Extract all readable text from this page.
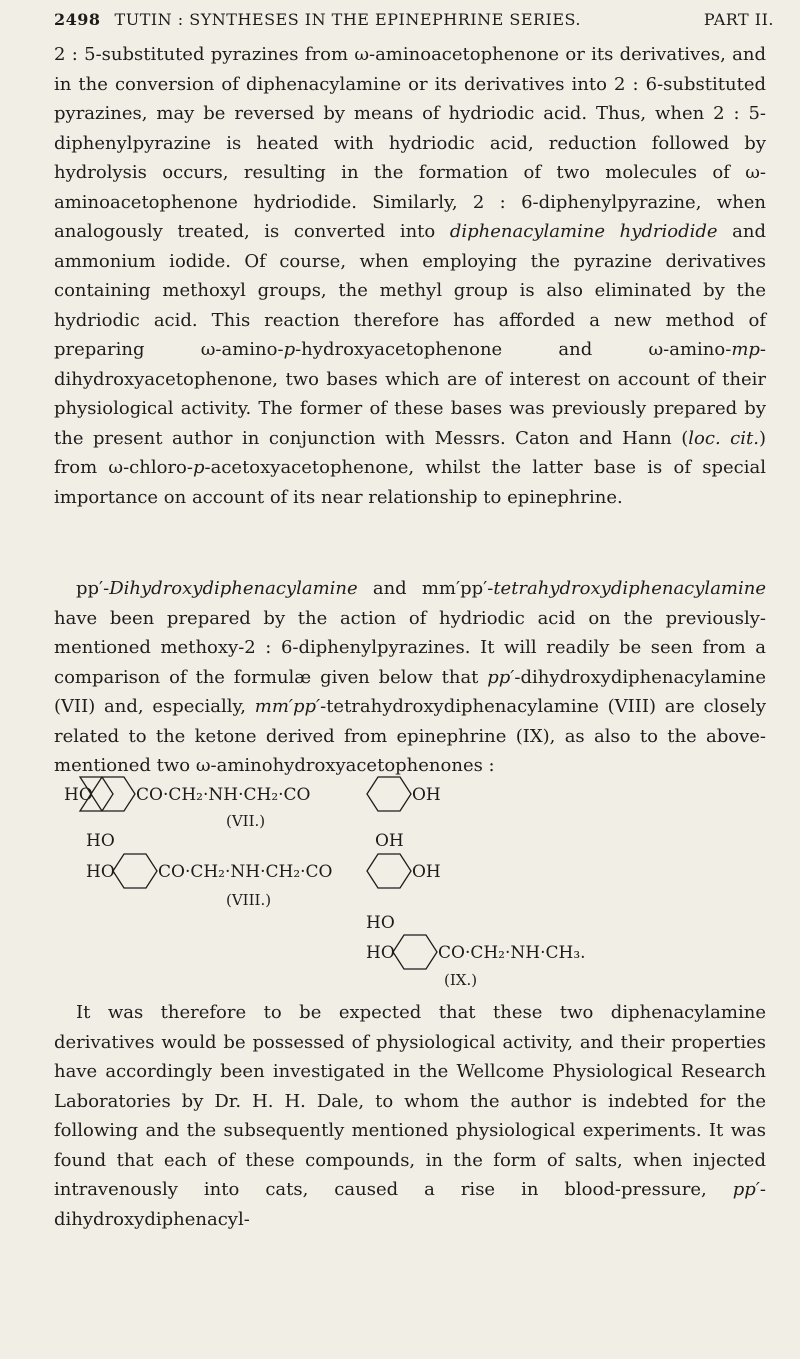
2498 TUTIN : SYNTHESES IN THE EPINEPHRINE SERIES.	PART II.

2 : 5-substituted pyrazines from ω-aminoacetophenone or its derivatives, and in the conversion of diphenacylamine or its derivatives into 2 : 6-substituted pyrazines, may be reversed by means of hydriodic acid. Thus, when 2 : 5-diphenylpyrazine is heated with hydriodic acid, reduction followed by hydrolysis occurs, resulting in the formation of two molecules of ω-aminoacetophenone hydriodide. Similarly, 2 : 6-diphenylpyrazine, when analogously treated, is converted into diphenacylamine hydriodide and ammonium iodide. Of course, when employing the pyrazine derivatives containing methoxyl groups, the methyl group is also eliminated by the hydriodic acid. This reaction therefore has afforded a new method of preparing ω-amino-p-hydroxyacetophenone and ω-amino-mp-dihydroxyacetophenone, two bases which are of interest on account of their physiological activity. The former of these bases was previously prepared by the present author in conjunction with Messrs. Caton and Hann (loc. cit.) from ω-chloro-p-acetoxyacetophenone, whilst the latter base is of special importance on account of its near relationship to epinephrine.

pp′-Dihydroxydiphenacylamine and mm′pp′-tetrahydroxydiphenacylamine have been prepared by the action of hydriodic acid on the previously-mentioned methoxy-2 : 6-diphenylpyrazines. It will readily be seen from a comparison of the formulæ given below that pp′-dihydroxydiphenacylamine (VII) and, especially, mm′pp′-tetrahydroxydiphenacylamine (VIII) are closely related to the ketone derived from epinephrine (IX), as also to the above-mentioned two ω-aminohydroxyacetophenones :

HO	CO·CH₂·NH·CH₂·CO	OH
(VII.)
HO	OH
HO	CO·CH₂·NH·CH₂·CO	OH
(VIII.)
HO
HO	CO·CH₂·NH·CH₃.
(IX.)

It was therefore to be expected that these two diphenacylamine derivatives would be possessed of physiological activity, and their properties have accordingly been investigated in the Wellcome Physiological Research Laboratories by Dr. H. H. Dale, to whom the author is indebted for the following and the subsequently mentioned physiological experiments. It was found that each of these compounds, in the form of salts, when injected intravenously into cats, caused a rise in blood-pressure, pp′-dihydroxydiphenacyl-
